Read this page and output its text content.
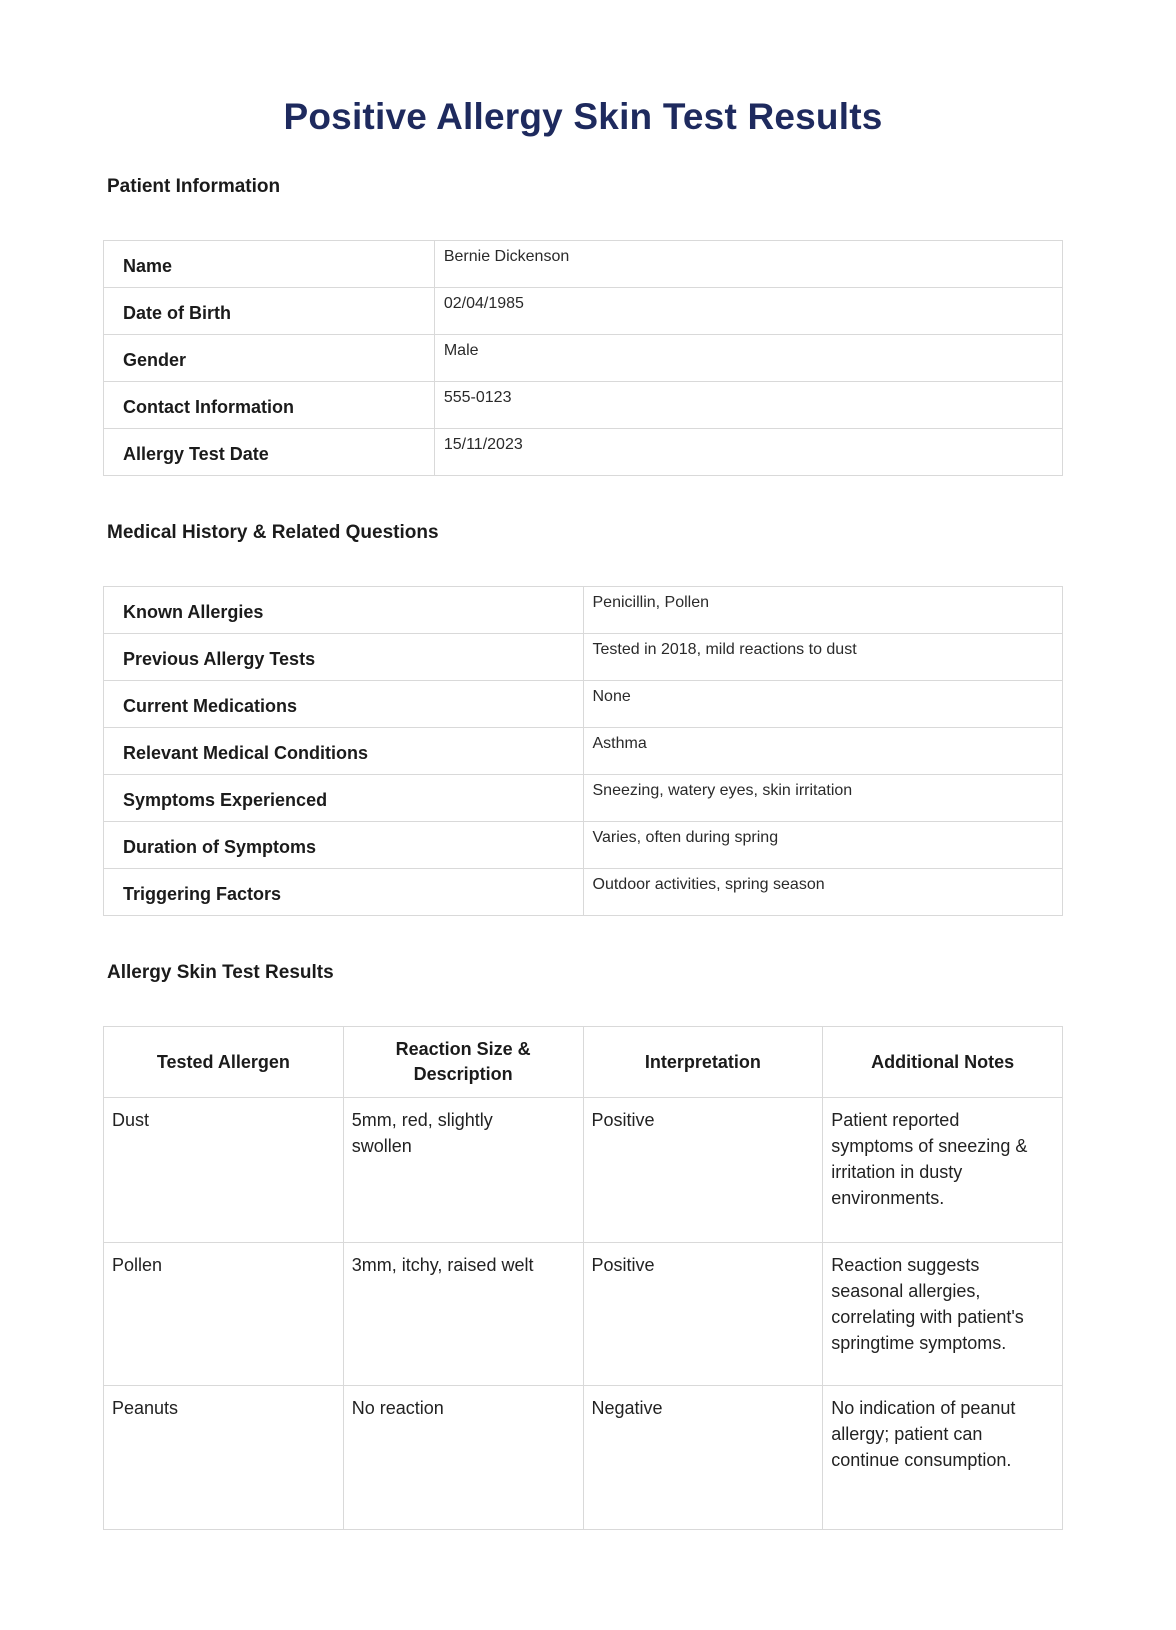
Positive Allergy Skin Test Results
Patient Information
Name	Bernie Dickenson
Date of Birth	02/04/1985
Gender	Male
Contact Information	555-0123
Allergy Test Date	15/11/2023
Medical History & Related Questions
Known Allergies	Penicillin, Pollen
Previous Allergy Tests	Tested in 2018, mild reactions to dust
Current Medications	None
Relevant Medical Conditions	Asthma
Symptoms Experienced	Sneezing, watery eyes, skin irritation
Duration of Symptoms	Varies, often during spring
Triggering Factors	Outdoor activities, spring season
Allergy Skin Test Results
Tested Allergen	Reaction Size & Description	Interpretation	Additional Notes
Dust	5mm, red, slightly swollen	Positive	Patient reported symptoms of sneezing & irritation in dusty environments.
Pollen	3mm, itchy, raised welt	Positive	Reaction suggests seasonal allergies, correlating with patient's springtime symptoms.
Peanuts	No reaction	Negative	No indication of peanut allergy; patient can continue consumption.
